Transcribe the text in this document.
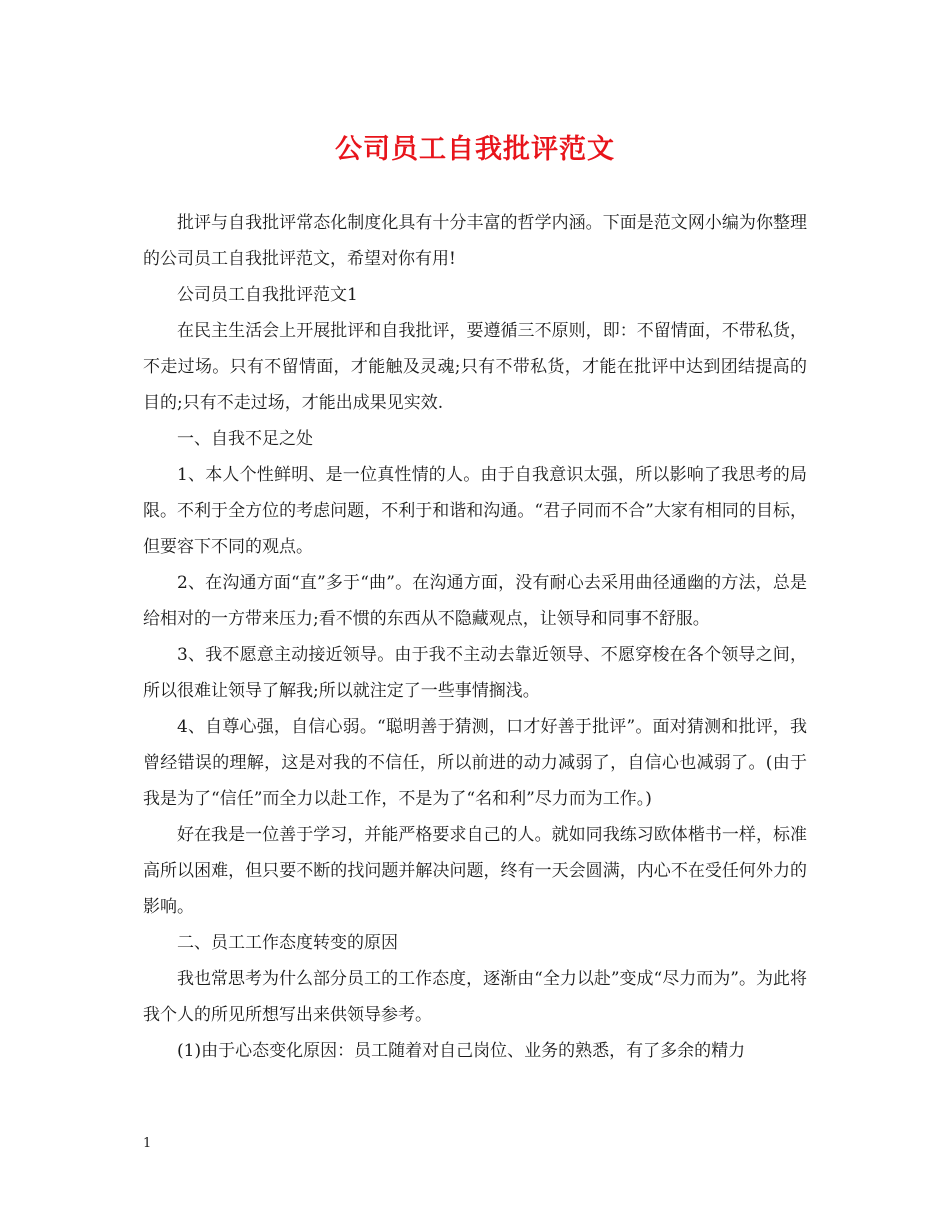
公司员工自我批评范文

批评与自我批评常态化制度化具有十分丰富的哲学内涵。下面是范文网小编为你整理的公司员工自我批评范文，希望对你有用!

公司员工自我批评范文1

在民主生活会上开展批评和自我批评，要遵循三不原则，即：不留情面，不带私货，不走过场。只有不留情面，才能触及灵魂;只有不带私货，才能在批评中达到团结提高的目的;只有不走过场，才能出成果见实效.

一、自我不足之处

1、本人个性鲜明、是一位真性情的人。由于自我意识太强，所以影响了我思考的局限。不利于全方位的考虑问题，不利于和谐和沟通。“君子同而不合”大家有相同的目标，但要容下不同的观点。

2、在沟通方面“直”多于“曲”。在沟通方面，没有耐心去采用曲径通幽的方法，总是给相对的一方带来压力;看不惯的东西从不隐藏观点，让领导和同事不舒服。

3、我不愿意主动接近领导。由于我不主动去靠近领导、不愿穿梭在各个领导之间，所以很难让领导了解我;所以就注定了一些事情搁浅。

4、自尊心强，自信心弱。“聪明善于猜测，口才好善于批评”。面对猜测和批评，我曾经错误的理解，这是对我的不信任，所以前进的动力减弱了，自信心也减弱了。(由于我是为了“信任”而全力以赴工作，不是为了“名和利”尽力而为工作。)

好在我是一位善于学习，并能严格要求自己的人。就如同我练习欧体楷书一样，标准高所以困难，但只要不断的找问题并解决问题，终有一天会圆满，内心不在受任何外力的影响。

二、员工工作态度转变的原因

我也常思考为什么部分员工的工作态度，逐渐由“全力以赴”变成“尽力而为”。为此将我个人的所见所想写出来供领导参考。

(1)由于心态变化原因：员工随着对自己岗位、业务的熟悉，有了多余的精力

1
